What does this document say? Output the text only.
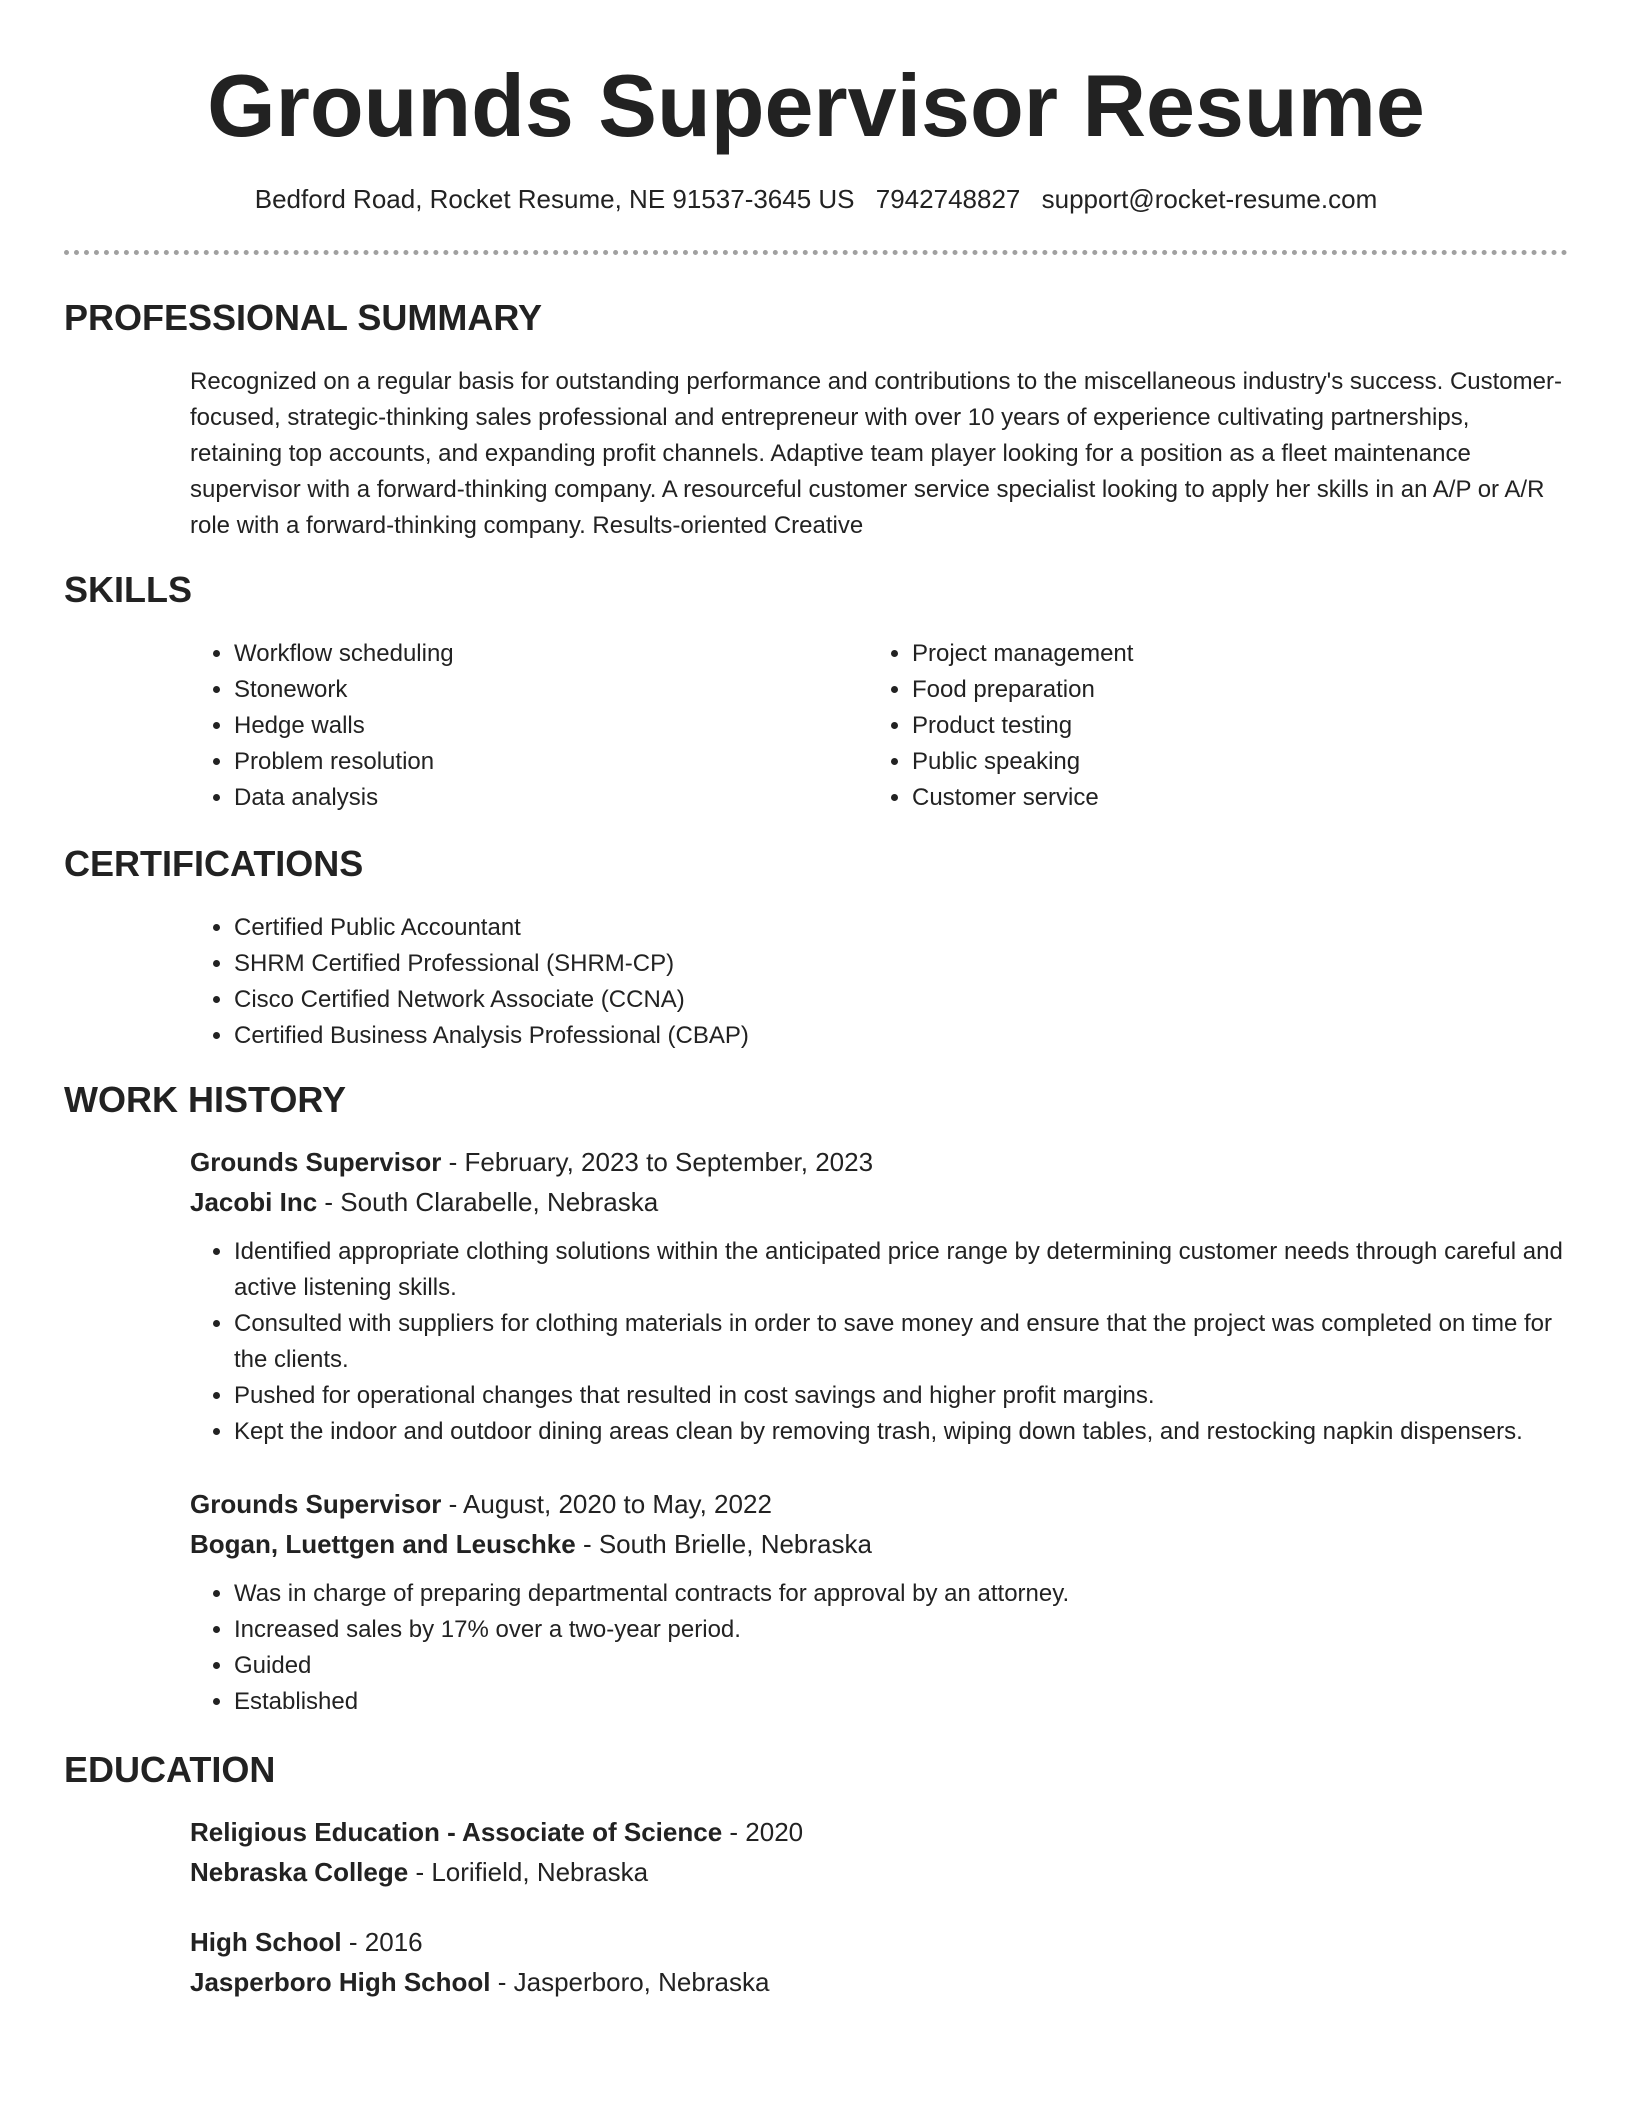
Grounds Supervisor Resume
Bedford Road, Rocket Resume, NE 91537-3645 US 7942748827 support@rocket-resume.com
PROFESSIONAL SUMMARY
Recognized on a regular basis for outstanding performance and contributions to the miscellaneous industry's success. Customer-focused, strategic-thinking sales professional and entrepreneur with over 10 years of experience cultivating partnerships, retaining top accounts, and expanding profit channels. Adaptive team player looking for a position as a fleet maintenance supervisor with a forward-thinking company. A resourceful customer service specialist looking to apply her skills in an A/P or A/R role with a forward-thinking company. Results-oriented Creative
SKILLS
• Workflow scheduling
• Stonework
• Hedge walls
• Problem resolution
• Data analysis
• Project management
• Food preparation
• Product testing
• Public speaking
• Customer service
CERTIFICATIONS
• Certified Public Accountant
• SHRM Certified Professional (SHRM-CP)
• Cisco Certified Network Associate (CCNA)
• Certified Business Analysis Professional (CBAP)
WORK HISTORY
Grounds Supervisor - February, 2023 to September, 2023
Jacobi Inc - South Clarabelle, Nebraska
• Identified appropriate clothing solutions within the anticipated price range by determining customer needs through careful and active listening skills.
• Consulted with suppliers for clothing materials in order to save money and ensure that the project was completed on time for the clients.
• Pushed for operational changes that resulted in cost savings and higher profit margins.
• Kept the indoor and outdoor dining areas clean by removing trash, wiping down tables, and restocking napkin dispensers.
Grounds Supervisor - August, 2020 to May, 2022
Bogan, Luettgen and Leuschke - South Brielle, Nebraska
• Was in charge of preparing departmental contracts for approval by an attorney.
• Increased sales by 17% over a two-year period.
• Guided
• Established
EDUCATION
Religious Education - Associate of Science - 2020
Nebraska College - Lorifield, Nebraska
High School - 2016
Jasperboro High School - Jasperboro, Nebraska
